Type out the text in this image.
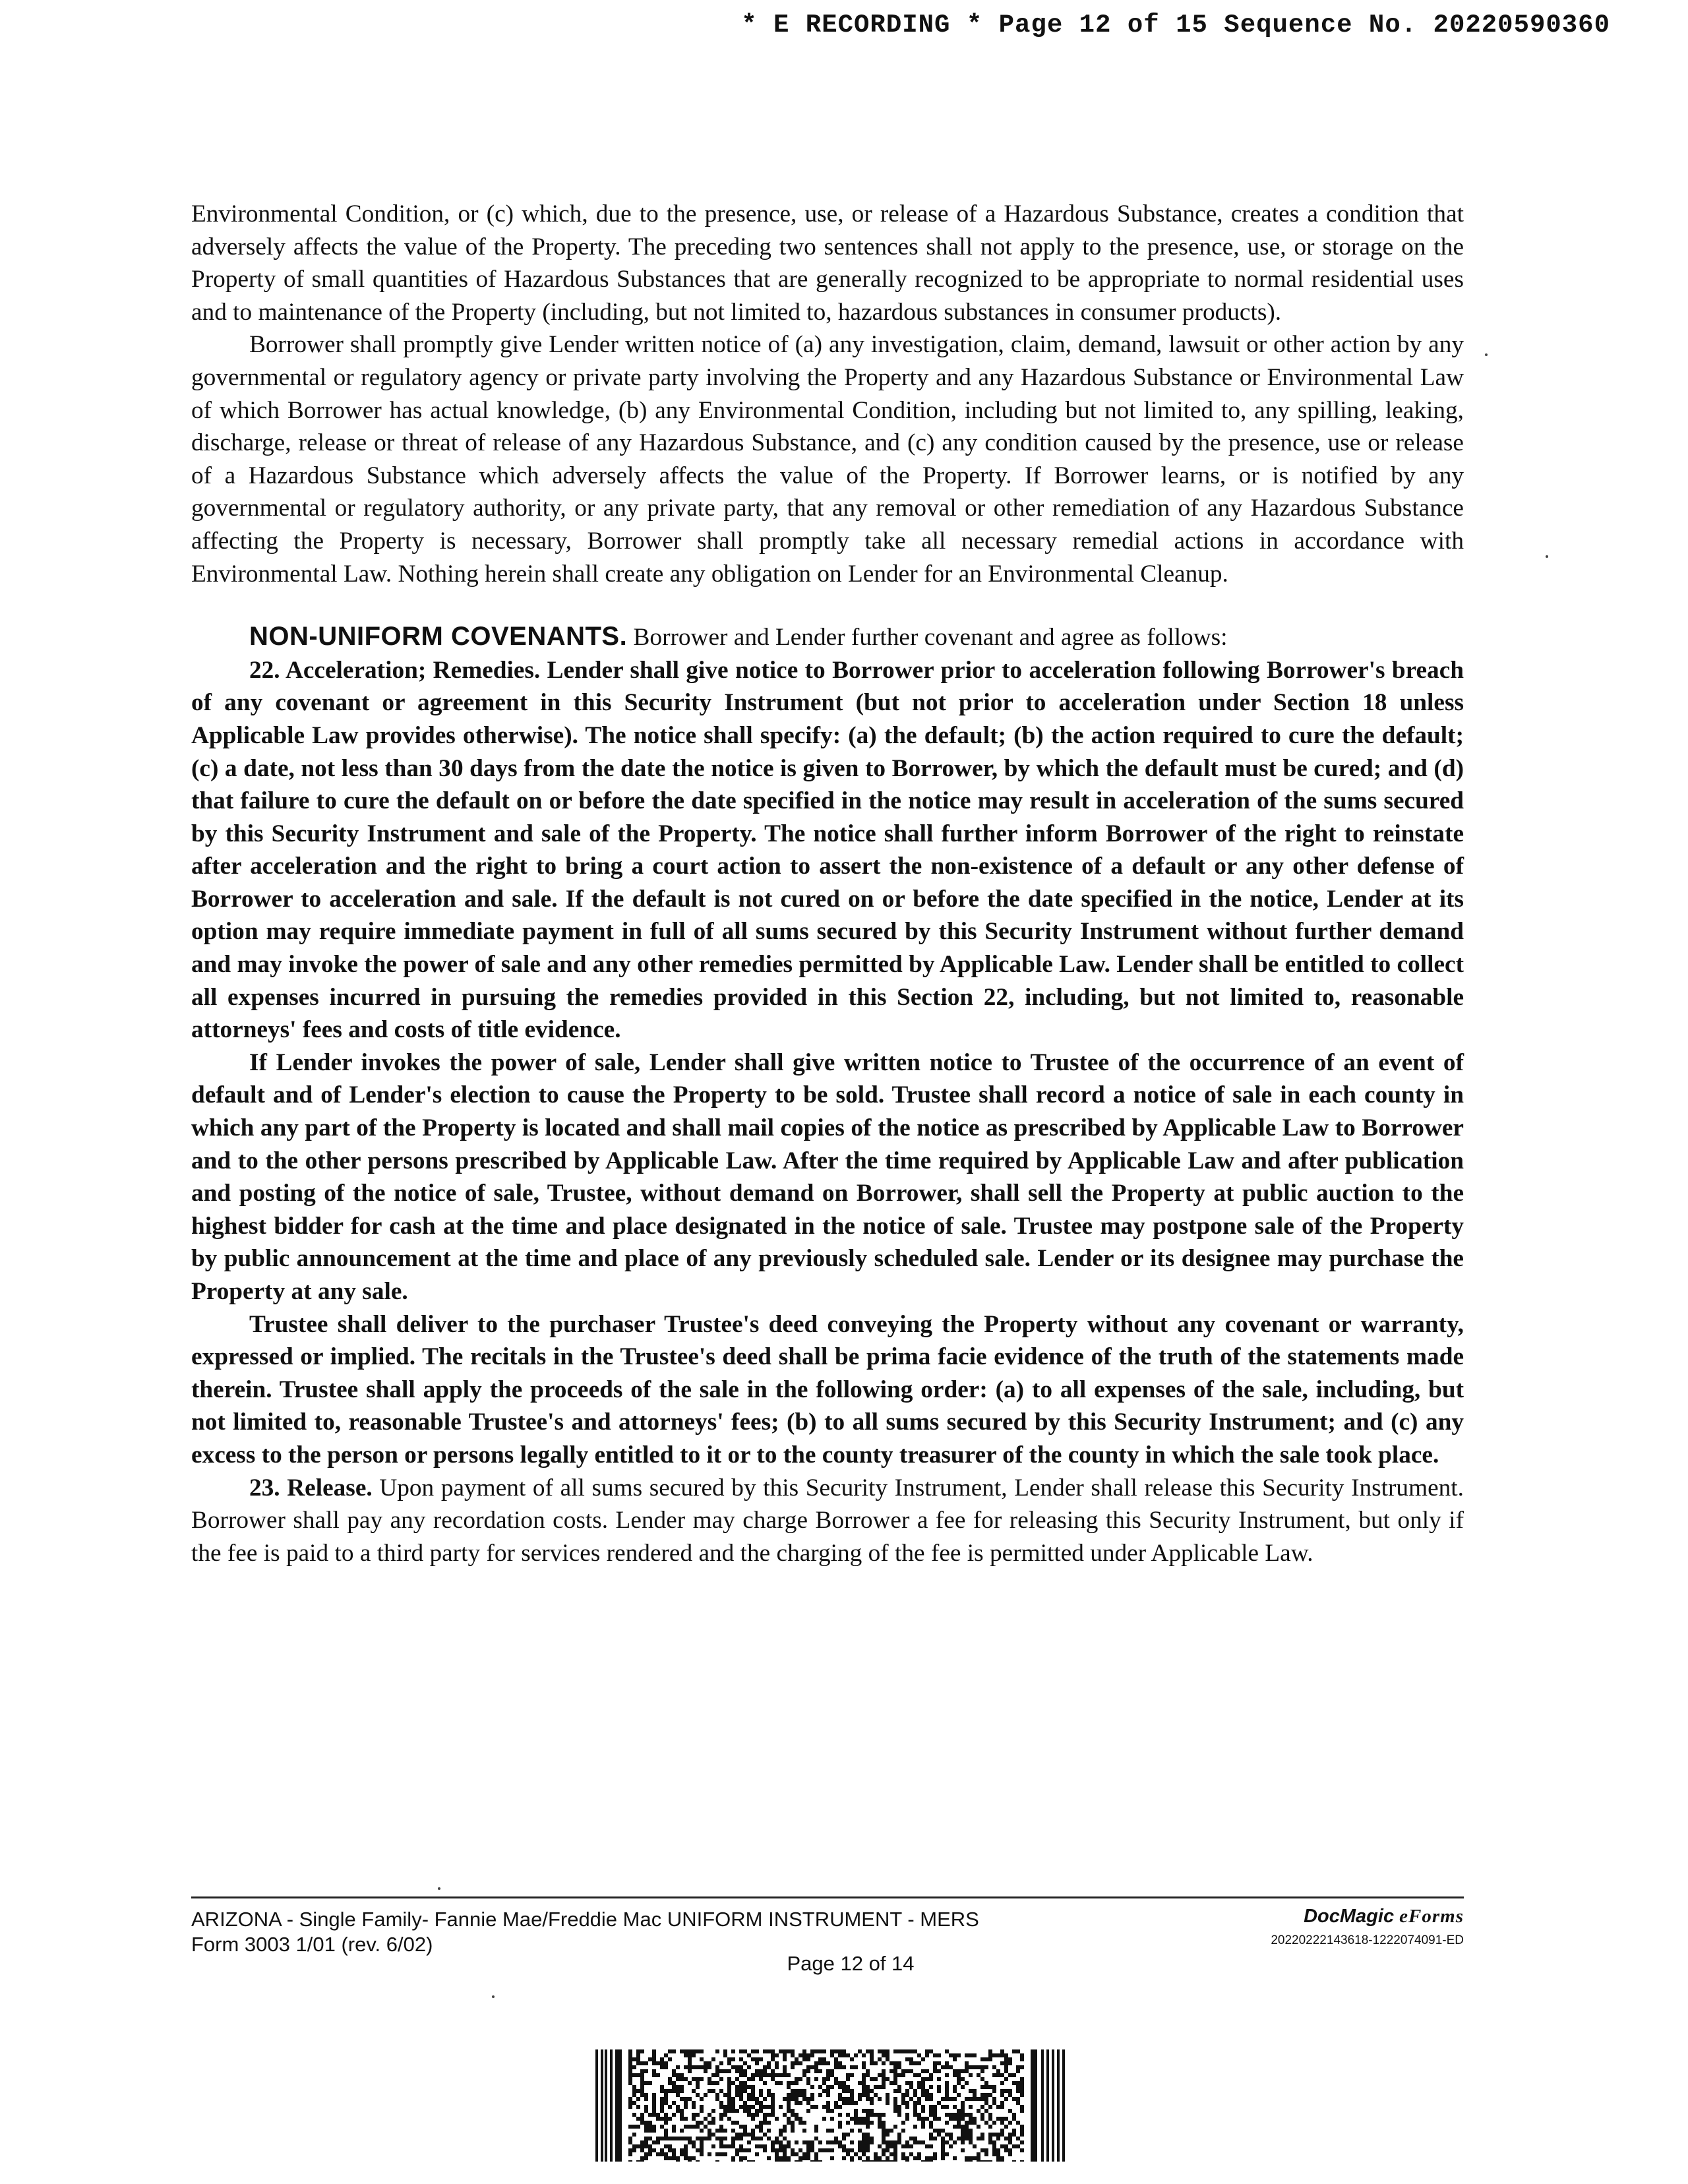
* E RECORDING * Page 12 of 15 Sequence No. 20220590360

Environmental Condition, or (c) which, due to the presence, use, or release of a Hazardous Substance, creates a condition that adversely affects the value of the Property. The preceding two sentences shall not apply to the presence, use, or storage on the Property of small quantities of Hazardous Substances that are generally recognized to be appropriate to normal residential uses and to maintenance of the Property (including, but not limited to, hazardous substances in consumer products).

Borrower shall promptly give Lender written notice of (a) any investigation, claim, demand, lawsuit or other action by any governmental or regulatory agency or private party involving the Property and any Hazardous Substance or Environmental Law of which Borrower has actual knowledge, (b) any Environmental Condition, including but not limited to, any spilling, leaking, discharge, release or threat of release of any Hazardous Substance, and (c) any condition caused by the presence, use or release of a Hazardous Substance which adversely affects the value of the Property. If Borrower learns, or is notified by any governmental or regulatory authority, or any private party, that any removal or other remediation of any Hazardous Substance affecting the Property is necessary, Borrower shall promptly take all necessary remedial actions in accordance with Environmental Law. Nothing herein shall create any obligation on Lender for an Environmental Cleanup.

NON-UNIFORM COVENANTS. Borrower and Lender further covenant and agree as follows:

22. Acceleration; Remedies. Lender shall give notice to Borrower prior to acceleration following Borrower's breach of any covenant or agreement in this Security Instrument (but not prior to acceleration under Section 18 unless Applicable Law provides otherwise). The notice shall specify: (a) the default; (b) the action required to cure the default; (c) a date, not less than 30 days from the date the notice is given to Borrower, by which the default must be cured; and (d) that failure to cure the default on or before the date specified in the notice may result in acceleration of the sums secured by this Security Instrument and sale of the Property. The notice shall further inform Borrower of the right to reinstate after acceleration and the right to bring a court action to assert the non-existence of a default or any other defense of Borrower to acceleration and sale. If the default is not cured on or before the date specified in the notice, Lender at its option may require immediate payment in full of all sums secured by this Security Instrument without further demand and may invoke the power of sale and any other remedies permitted by Applicable Law. Lender shall be entitled to collect all expenses incurred in pursuing the remedies provided in this Section 22, including, but not limited to, reasonable attorneys' fees and costs of title evidence.

If Lender invokes the power of sale, Lender shall give written notice to Trustee of the occurrence of an event of default and of Lender's election to cause the Property to be sold. Trustee shall record a notice of sale in each county in which any part of the Property is located and shall mail copies of the notice as prescribed by Applicable Law to Borrower and to the other persons prescribed by Applicable Law. After the time required by Applicable Law and after publication and posting of the notice of sale, Trustee, without demand on Borrower, shall sell the Property at public auction to the highest bidder for cash at the time and place designated in the notice of sale. Trustee may postpone sale of the Property by public announcement at the time and place of any previously scheduled sale. Lender or its designee may purchase the Property at any sale.

Trustee shall deliver to the purchaser Trustee's deed conveying the Property without any covenant or warranty, expressed or implied. The recitals in the Trustee's deed shall be prima facie evidence of the truth of the statements made therein. Trustee shall apply the proceeds of the sale in the following order: (a) to all expenses of the sale, including, but not limited to, reasonable Trustee's and attorneys' fees; (b) to all sums secured by this Security Instrument; and (c) any excess to the person or persons legally entitled to it or to the county treasurer of the county in which the sale took place.

23. Release. Upon payment of all sums secured by this Security Instrument, Lender shall release this Security Instrument. Borrower shall pay any recordation costs. Lender may charge Borrower a fee for releasing this Security Instrument, but only if the fee is paid to a third party for services rendered and the charging of the fee is permitted under Applicable Law.

ARIZONA - Single Family- Fannie Mae/Freddie Mac UNIFORM INSTRUMENT - MERS
Form 3003 1/01 (rev. 6/02)
Page 12 of 14
DocMagic eForms
20220222143618-1222074091-ED
